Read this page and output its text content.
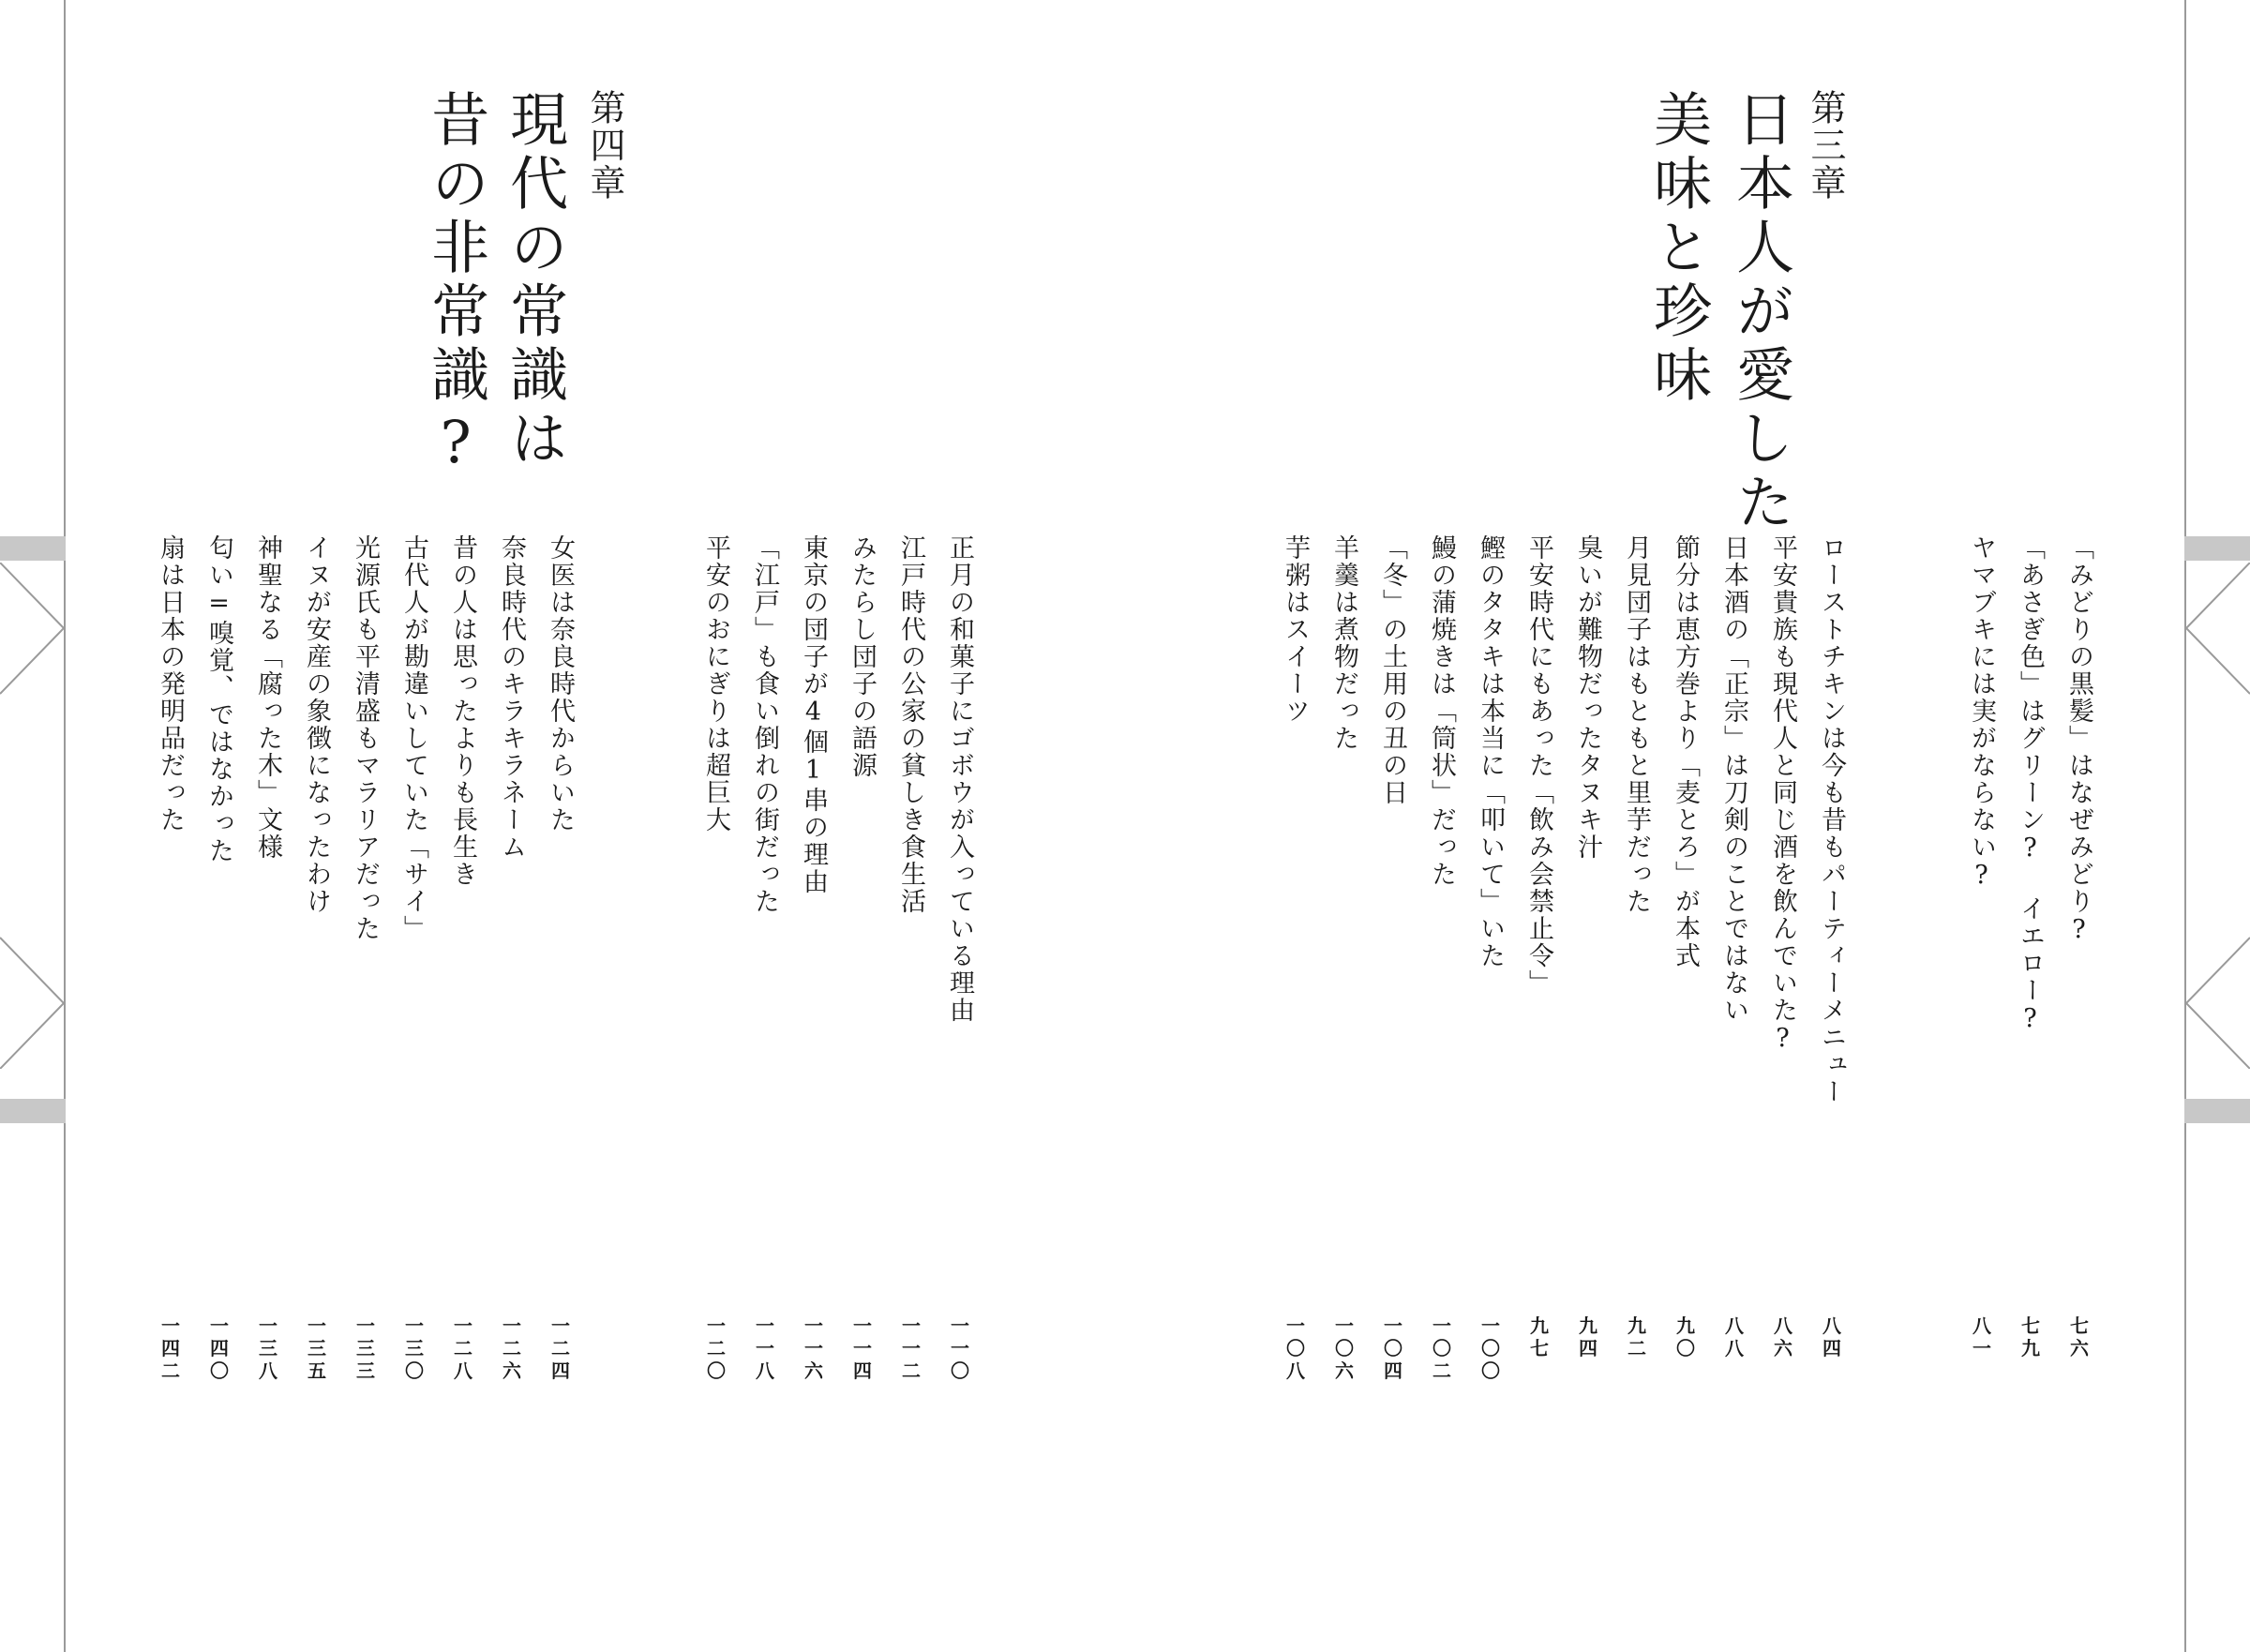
第三章
日本人が愛した
美味と珍味
第四章
現代の常識は
昔の非常識?
「みどりの黒髪」はなぜみどり?
「あさぎ色」はグリーン? イエロー?
ヤマブキには実がならない?
ローストチキンは今も昔もパーティーメニュー
平安貴族も現代人と同じ酒を飲んでいた?
日本酒の「正宗」は刀剣のことではない
節分は恵方巻より「麦とろ」が本式
月見団子はもともと里芋だった
臭いが難物だったタヌキ汁
平安時代にもあった「飲み会禁止令」
鰹のタタキは本当に「叩いて」いた
鰻の蒲焼きは「筒状」だった
「冬」の土用の丑の日
羊羹は煮物だった
芋粥はスイーツ
正月の和菓子にゴボウが入っている理由
江戸時代の公家の貧しき食生活
みたらし団子の語源
東京の団子が4個1串の理由
「江戸」も食い倒れの街だった
平安のおにぎりは超巨大
女医は奈良時代からいた
奈良時代のキラキラネーム
昔の人は思ったよりも長生き
古代人が勘違いしていた「サイ」
光源氏も平清盛もマラリアだった
イヌが安産の象徴になったわけ
神聖なる「腐った木」文様
匂い=嗅覚、ではなかった
扇は日本の発明品だった
七
六
七
九
八
一
八
四
八
六
八
八
九
〇
九
二
九
四
九
七
一
〇
〇
一
〇
二
一
〇
四
一
〇
六
一
〇
八
一
一
〇
一
一
二
一
一
四
一
一
六
一
一
八
一
二
〇
一
二
四
一
二
六
一
二
八
一
三
〇
一
三
三
一
三
五
一
三
八
一
四
〇
一
四
二
